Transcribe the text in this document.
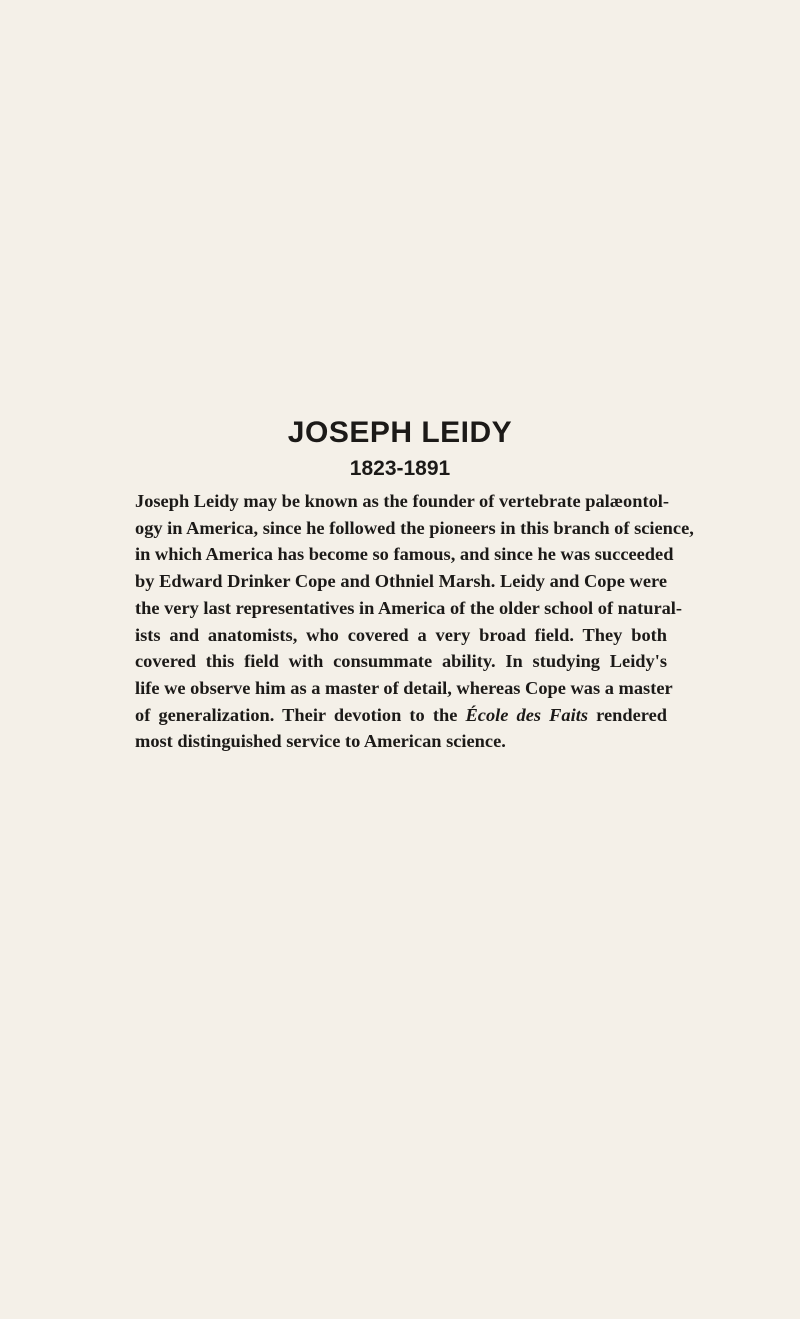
JOSEPH LEIDY
1823-1891
Joseph Leidy may be known as the founder of vertebrate palæontol-
ogy in America, since he followed the pioneers in this branch of science,
in which America has become so famous, and since he was succeeded
by Edward Drinker Cope and Othniel Marsh. Leidy and Cope were
the very last representatives in America of the older school of natural-
ists and anatomists, who covered a very broad field. They both
covered this field with consummate ability. In studying Leidy's
life we observe him as a master of detail, whereas Cope was a master
of generalization. Their devotion to the École des Faits rendered
most distinguished service to American science.
